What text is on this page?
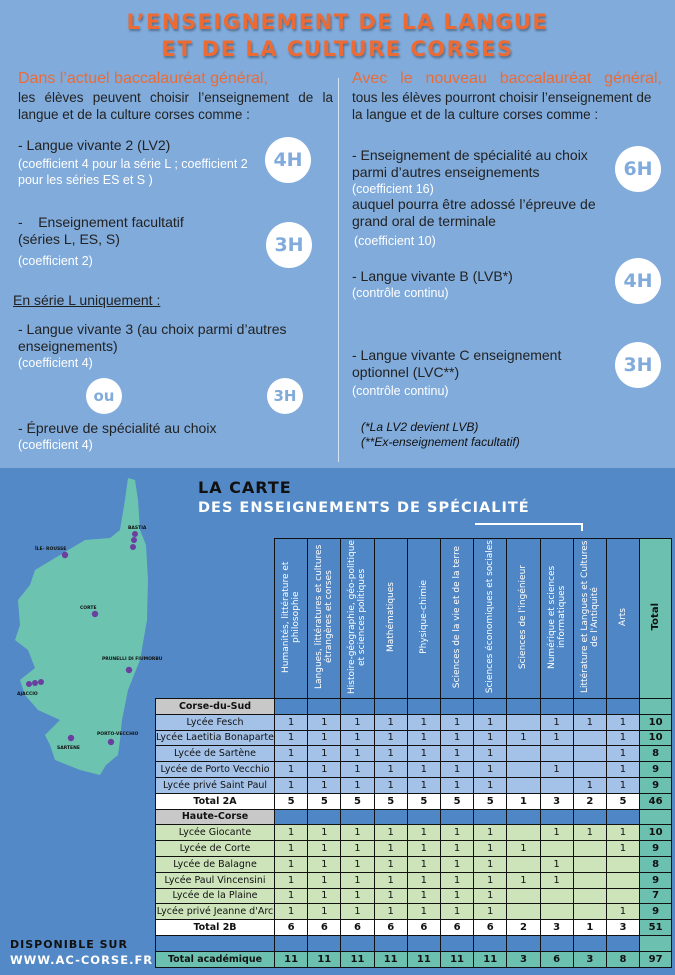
L’ENSEIGNEMENT DE LA LANGUE
ET DE LA CULTURE CORSES
Dans l’actuel baccalauréat général,
les élèves peuvent choisir l’enseignement de la langue et de la culture corses comme :
- Langue vivante 2 (LV2)
(coefficient 4 pour la série L ; coefficient 2 pour les séries ES et S )
4H
-    Enseignement facultatif (séries L, ES, S)
(coefficient 2)
3H
En série L uniquement :
- Langue vivante 3 (au choix parmi d’autres enseignements)
(coefficient 4)
ou	3H
- Épreuve de spécialité au choix
(coefficient 4)
Avec le nouveau baccalauréat général,
tous les élèves pourront choisir l’enseignement de la langue et de la culture corses comme :
- Enseignement de spécialité au choix parmi d’autres enseignements
(coefficient 16)
auquel pourra être adossé l’épreuve de grand oral de terminale
(coefficient 10)
6H
- Langue vivante B (LVB*)
(contrôle continu)
4H
- Langue vivante C enseignement optionnel (LVC**)
(contrôle continu)
3H
(*La LV2 devient LVB)
(**Ex-enseignement facultatif)
BASTIA
ÎLE- ROUSSE
CORTE
PRUNELLI DI FIUMORBU
AJACCIO
SARTENE
PORTO-VECCHIO
LA CARTE
DES ENSEIGNEMENTS DE SPÉCIALITÉ
	Humanités, littérature et philosophie	Langues, littératures et cultures étrangères et corses	Histoire-géographie, géo-politique et sciences politiques	Mathématiques	Physique-chimie	Sciences de la vie et de la terre	Sciences économiques et sociales	Sciences de l'ingénieur	Numérique et sciences informatiques	Littérature et Langues et Cultures de l'Antiquité	Arts	Total
Corse-du-Sud												
Lycée Fesch	1	1	1	1	1	1	1		1	1	1	10
Lycée Laetitia Bonaparte	1	1	1	1	1	1	1	1	1		1	10
Lycée de Sartène	1	1	1	1	1	1	1				1	8
Lycée de Porto Vecchio	1	1	1	1	1	1	1		1		1	9
Lycée privé Saint Paul	1	1	1	1	1	1	1			1	1	9
Total 2A	5	5	5	5	5	5	5	1	3	2	5	46
Haute-Corse												
Lycée Giocante	1	1	1	1	1	1	1		1	1	1	10
Lycée de Corte	1	1	1	1	1	1	1	1			1	9
Lycée de Balagne	1	1	1	1	1	1	1		1			8
Lycée Paul Vincensini	1	1	1	1	1	1	1	1	1			9
Lycée de la Plaine	1	1	1	1	1	1	1					7
Lycée privé Jeanne d'Arc	1	1	1	1	1	1	1				1	9
Total 2B	6	6	6	6	6	6	6	2	3	1	3	51

Total académique	11	11	11	11	11	11	11	3	6	3	8	97
DISPONIBLE SUR
WWW.AC-CORSE.FR
